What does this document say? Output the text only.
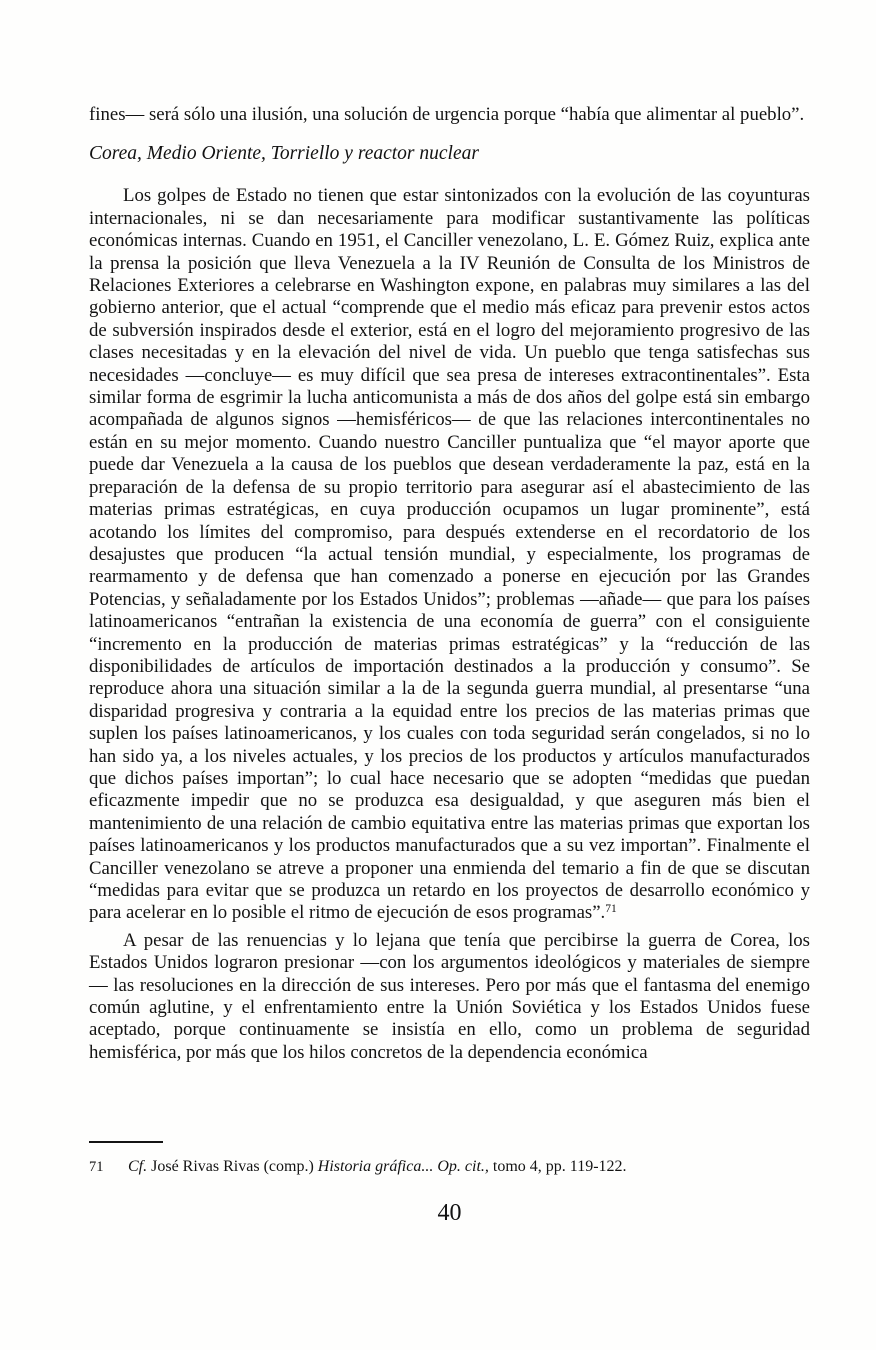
fines— será sólo una ilusión, una solución de urgencia porque “había que alimentar al pueblo”.

Corea, Medio Oriente, Torriello y reactor nuclear

Los golpes de Estado no tienen que estar sintonizados con la evolución de las coyunturas internacionales, ni se dan necesariamente para modificar sustantivamente las políticas económicas internas. Cuando en 1951, el Canciller venezolano, L. E. Gómez Ruiz, explica ante la prensa la posición que lleva Venezuela a la IV Reunión de Consulta de los Ministros de Relaciones Exteriores a celebrarse en Washington expone, en palabras muy similares a las del gobierno anterior, que el actual “comprende que el medio más eficaz para prevenir estos actos de subversión inspirados desde el exterior, está en el logro del mejoramiento progresivo de las clases necesitadas y en la elevación del nivel de vida. Un pueblo que tenga satisfechas sus necesidades —concluye— es muy difícil que sea presa de intereses extracontinentales”. Esta similar forma de esgrimir la lucha anticomunista a más de dos años del golpe está sin embargo acompañada de algunos signos —hemisféricos— de que las relaciones intercontinentales no están en su mejor momento. Cuando nuestro Canciller puntualiza que “el mayor aporte que puede dar Venezuela a la causa de los pueblos que desean verdaderamente la paz, está en la preparación de la defensa de su propio territorio para asegurar así el abastecimiento de las materias primas estratégicas, en cuya producción ocupamos un lugar prominente”, está acotando los límites del compromiso, para después extenderse en el recordatorio de los desajustes que producen “la actual tensión mundial, y especialmente, los programas de rearmamento y de defensa que han comenzado a ponerse en ejecución por las Grandes Potencias, y señaladamente por los Estados Unidos”; problemas —añade— que para los países latinoamericanos “entrañan la existencia de una economía de guerra” con el consiguiente “incremento en la producción de materias primas estratégicas” y la “reducción de las disponibilidades de artículos de importación destinados a la producción y consumo”. Se reproduce ahora una situación similar a la de la segunda guerra mundial, al presentarse “una disparidad progresiva y contraria a la equidad entre los precios de las materias primas que suplen los países latinoamericanos, y los cuales con toda seguridad serán congelados, si no lo han sido ya, a los niveles actuales, y los precios de los productos y artículos manufacturados que dichos países importan”; lo cual hace necesario que se adopten “medidas que puedan eficazmente impedir que no se produzca esa desigualdad, y que aseguren más bien el mantenimiento de una relación de cambio equitativa entre las materias primas que exportan los países latinoamericanos y los productos manufacturados que a su vez importan”. Finalmente el Canciller venezolano se atreve a proponer una enmienda del temario a fin de que se discutan “medidas para evitar que se produzca un retardo en los proyectos de desarrollo económico y para acelerar en lo posible el ritmo de ejecución de esos programas”.$^{71}$

A pesar de las renuencias y lo lejana que tenía que percibirse la guerra de Corea, los Estados Unidos lograron presionar —con los argumentos ideológicos y materiales de siempre— las resoluciones en la dirección de sus intereses. Pero por más que el fantasma del enemigo común aglutine, y el enfrentamiento entre la Unión Soviética y los Estados Unidos fuese aceptado, porque continuamente se insistía en ello, como un problema de seguridad hemisférica, por más que los hilos concretos de la dependencia económica

71 Cf. José Rivas Rivas (comp.) Historia gráfica... Op. cit., tomo 4, pp. 119-122.
40
